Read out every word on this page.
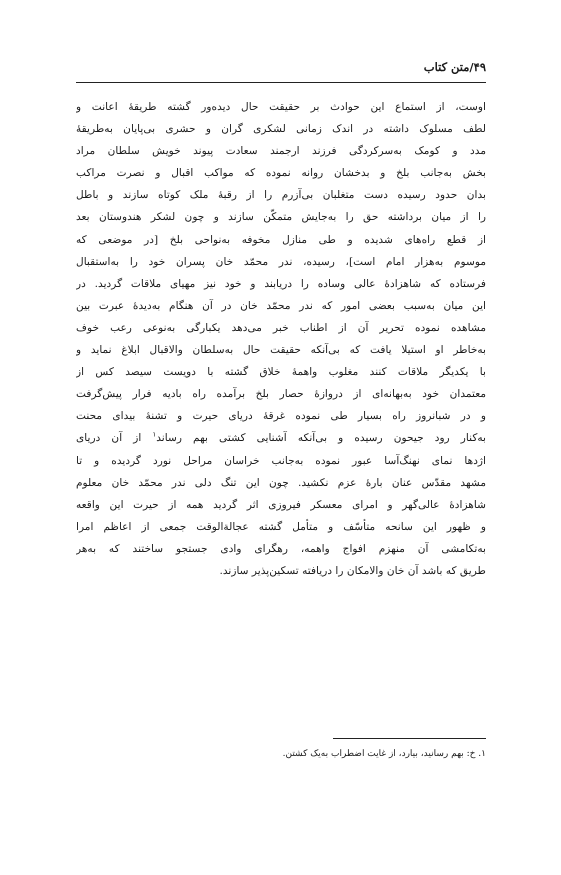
۴۹/متن کتاب
اوست، از استماع این حوادث بر حقیقت حال دیده‌ور گشته طریقهٔ اعانت و
لطف مسلوک داشته در اندک زمانی لشکری گران و حشری بی‌پایان به‌طریقهٔ
مدد و کومک به‌سرکردگی فرزند ارجمند سعادت پیوند خویش سلطان مراد
بخش به‌جانب بلخ و بدخشان روانه نموده که مواکب اقبال و نصرت مراکب
بدان حدود رسیده دست متغلبان بی‌آزرم را از رقبهٔ ملک کوتاه سازند و باطل
را از میان برداشته حق را به‌جایش متمکّن سازند و چون لشکر هندوستان بعد
از قطع راه‌های شدیده و طی منازل مخوفه به‌نواحی بلخ [در موضعی که
موسوم به‌هزار امام است]، رسیده، ندر محمّد خان پسران خود را به‌استقبال
فرستاده که شاهزادهٔ عالی وساده را دریابند و خود نیز مهیای ملاقات گردید. در
این میان به‌سبب بعضی امور که ندر محمّد خان در آن هنگام به‌دیدهٔ عبرت بین
مشاهده نموده تحریر آن از اطناب خبر می‌دهد یکبارگی به‌نوعی رعب خوف
به‌خاطر او استیلا یافت که بی‌آنکه حقیقت حال به‌سلطان والاقبال ابلاغ نماید و
با یکدیگر ملاقات کنند مغلوب واهمهٔ خلاق گشته با دویست سیصد کس از
معتمدان خود به‌بهانه‌ای از دروازهٔ حصار بلخ برآمده راه بادیه فرار پیش‌گرفت
و در شبانروز راه بسیار طی نموده غرقهٔ دریای حیرت و تشنهٔ بیدای محنت
به‌کنار رود جیحون رسیده و بی‌آنکه آشنایی کشتی بهم رساند$^۱$ از آن دریای
اژدها نمای نهنگ‌آسا عبور نموده به‌جانب خراسان مراحل نورد گردیده و تا
مشهد مقدّس عنان بارهٔ عزم نکشید. چون این تنگ دلی ندر محمّد خان معلوم
شاهزادهٔ عالی‌گهر و امرای معسکر فیروزی اثر گردید همه از حیرت این واقعه
و ظهور این سانحه متأسّف و متأمل گشته عجالةالوقت جمعی از اعاظم امرا
به‌تکامشی آن منهزم افواج واهمه، رهگرای وادی جستجو ساختند که به‌هر
طریق که باشد آن خان والامکان را دریافته تسکین‌پذیر سازند.
۱. خ: بهم رسانید، بیارد، از غایت اضطراب به‌یک کشتن.
